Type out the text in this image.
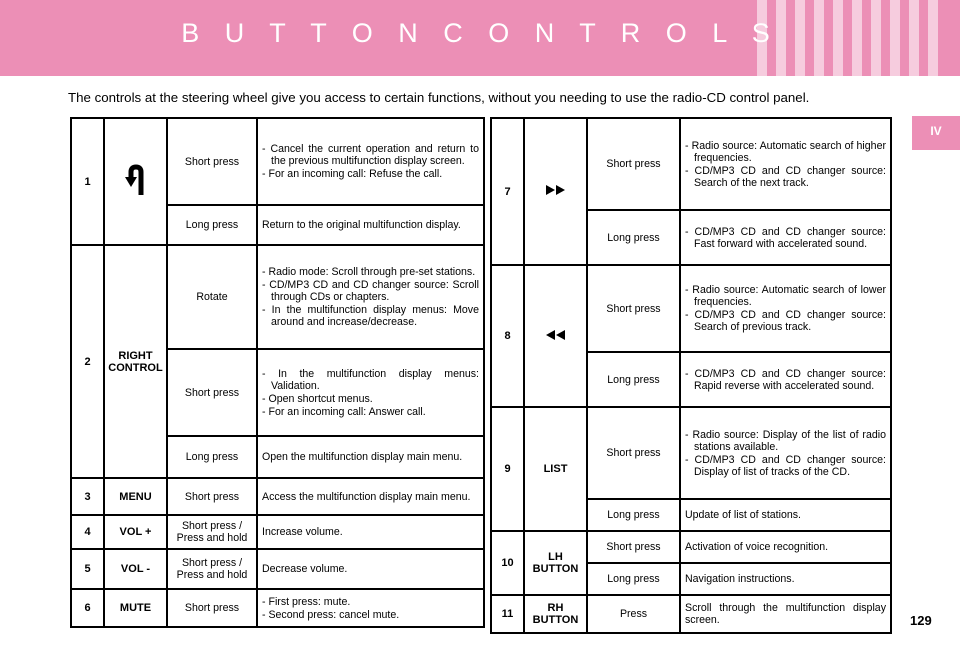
B U T T O N C O N T R O L S
IV
129
The controls at the steering wheel give you access to certain functions, without you needing to use the radio-CD control panel.
1		Short press	- Cancel the current operation and return to the previous multifunction display screen.
- For an incoming call: Refuse the call.

		Long press	Return to the original multifunction display.
2	RIGHT CONTROL	Rotate	- Radio mode: Scroll through pre-set stations.
- CD/MP3 CD and CD changer source: Scroll through CDs or chapters.
- In the multifunction display menus: Move around and increase/decrease.

		Short press	- In the multifunction display menus: Validation.
- Open shortcut menus.
- For an incoming call: Answer call.

		Long press	Open the multifunction display main menu.
3	MENU	Short press	Access the multifunction display main menu.
4	VOL +	Short press / Press and hold	Increase volume.
5	VOL -	Short press / Press and hold	Decrease volume.
6	MUTE	Short press	- First press: mute.
- Second press: cancel mute.
7		Short press	- Radio source: Automatic search of higher frequencies.
- CD/MP3 CD and CD changer source: Search of the next track.

		Long press	- CD/MP3 CD and CD changer source: Fast forward with accelerated sound.

8		Short press	- Radio source: Automatic search of lower frequencies.
- CD/MP3 CD and CD changer source: Search of previous track.

		Long press	- CD/MP3 CD and CD changer source: Rapid reverse with accelerated sound.

9	LIST	Short press	- Radio source: Display of the list of radio stations available.
- CD/MP3 CD and CD changer source: Display of list of tracks of the CD.

		Long press	Update of list of stations.
10	LH BUTTON	Short press	Activation of voice recognition.
		Long press	Navigation instructions.
11	RH BUTTON	Press	Scroll through the multifunction display screen.
